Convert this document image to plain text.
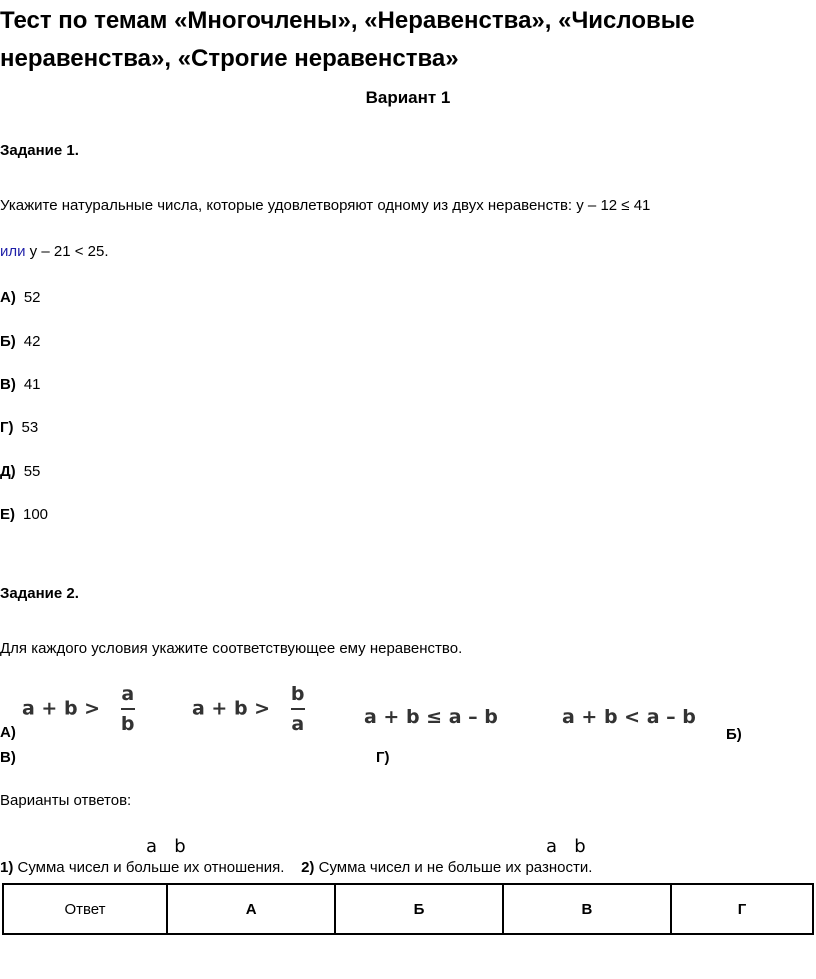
Тест по темам «Многочлены», «Неравенства», «Числовые неравенства», «Строгие неравенства»
Вариант 1
Задание 1.
Укажите натуральные числа, которые удовлетворяют одному из двух неравенств: y – 12 ≤ 41
или y – 21 < 25.
А) 52
Б) 42
В) 41
Г) 53
Д) 55
Е) 100
Задание 2.
Для каждого условия укажите соответствующее ему неравенство.
$a + b > \frac{a}{b}$	$a + b > \frac{b}{a}$	a + b ≤ a – b	a + b < a – b
А)	Б)
В)	Г)
Варианты ответов:
a   b	a   b
1) Сумма чисел и больше их отношения. 2) Сумма чисел и не больше их разности.
Ответ	А	Б	В	Г
